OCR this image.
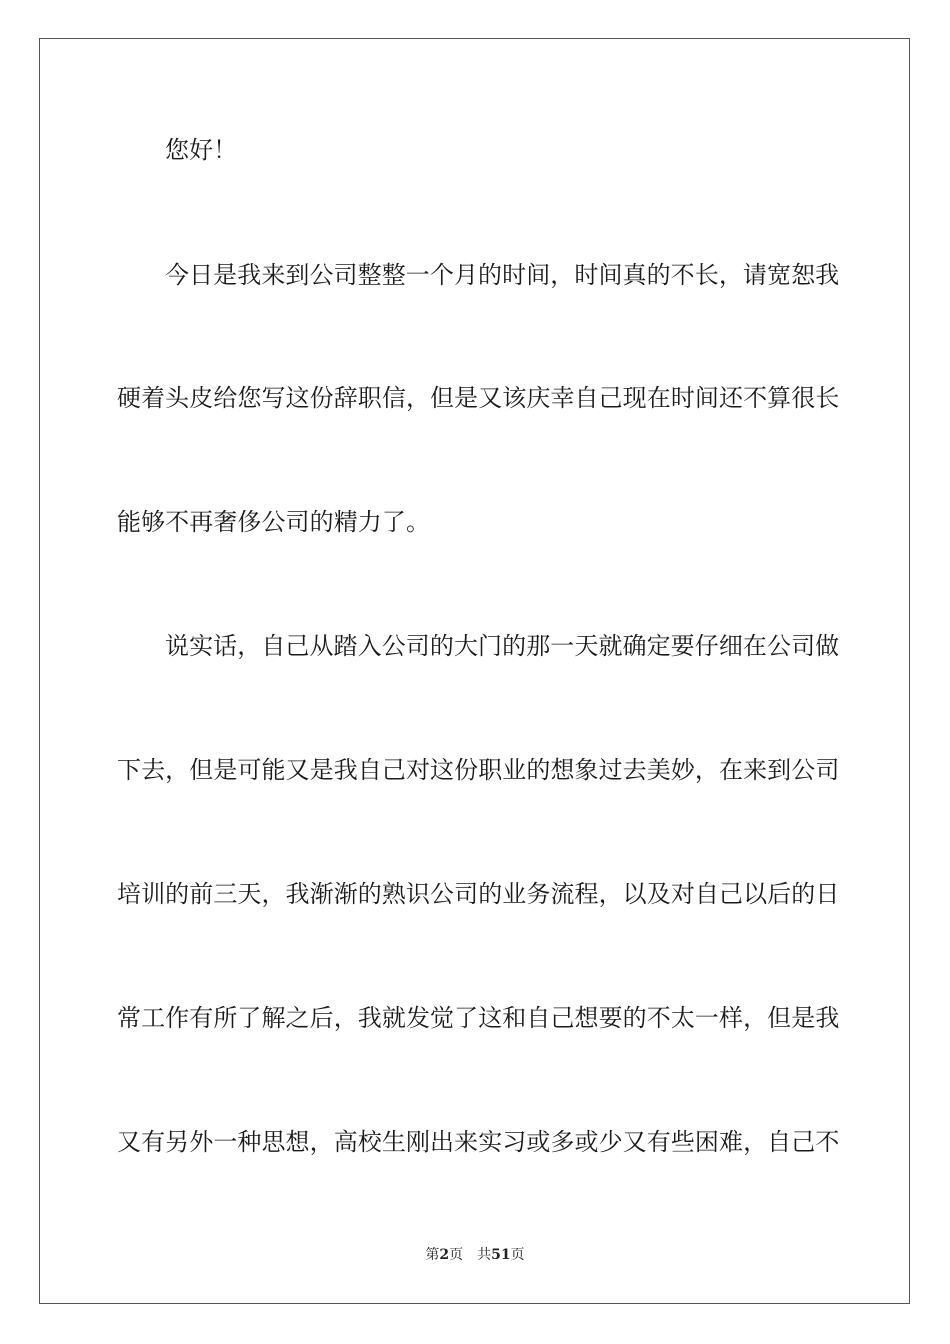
您好！
今日是我来到公司整整一个月的时间，时间真的不长，请宽恕我
硬着头皮给您写这份辞职信，但是又该庆幸自己现在时间还不算很长
能够不再奢侈公司的精力了。
说实话，自己从踏入公司的大门的那一天就确定要仔细在公司做
下去，但是可能又是我自己对这份职业的想象过去美妙，在来到公司
培训的前三天，我渐渐的熟识公司的业务流程，以及对自己以后的日
常工作有所了解之后，我就发觉了这和自己想要的不太一样，但是我
又有另外一种思想，高校生刚出来实习或多或少又有些困难，自己不
第2页 共51页
